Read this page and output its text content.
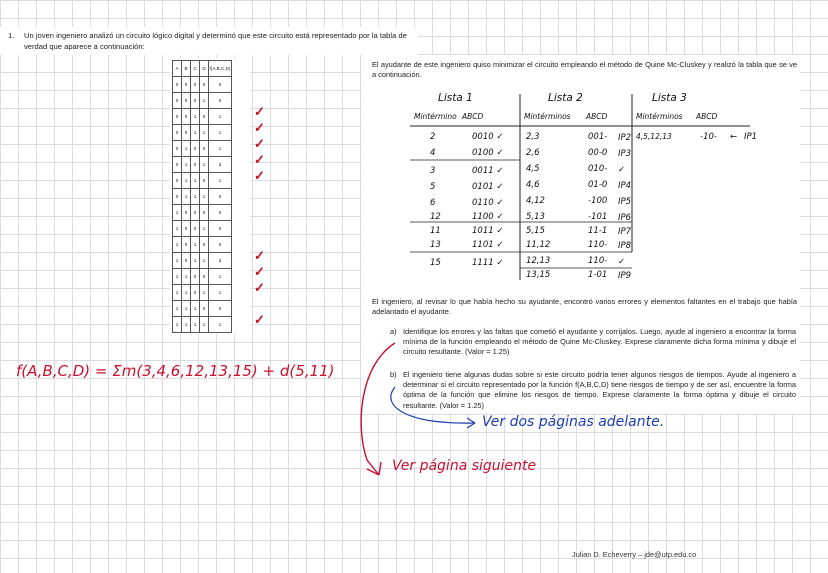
1. Un joven ingeniero analizó un circuito lógico digital y determinó que este circuito está representado por la tabla de verdad que aparece a continuación:
A	B	C	D	f(A,B,C,D)
0	0	0	0	0
0	0	0	1	0
0	0	1	0	1
0	0	1	1	1
0	1	0	0	1
0	1	0	1	d
0	1	1	0	1
0	1	1	1	0
1	0	0	0	0
1	0	0	1	0
1	0	1	0	0
1	0	1	1	d
1	1	0	0	1
1	1	0	1	1
1	1	1	0	0
1	1	1	1	1
✓
✓
✓
✓
✓
✓
✓
✓
✓
El ayudante de este ingeniero quiso minimizar el circuito empleando el método de Quine Mc-Cluskey y realizó la tabla que se ve a continuación.
Lista 1	Lista 2	Lista 3
Mintérmino ABCD	Mintérminos ABCD	Mintérminos ABCD
2	0010 ✓
4	0100 ✓
3	0011 ✓
5	0101 ✓
6	0110 ✓
12	1100 ✓
11	1011 ✓
13	1101 ✓
15	1111 ✓
2,3	001- IP2
2,6	00-0 IP3
4,5	010- ✓
4,6	01-0 IP4
4,12	-100 IP5
5,13	-101 IP6
5,15	11-1 IP7
11,12	110- IP8
12,13	110- ✓
13,15	1-01 IP9
4,5,12,13	-10- ← IP1
El ingeniero, al revisar lo que había hecho su ayudante, encontró varios errores y elementos faltantes en el trabajo que había adelantado el ayudante.
a) Identifique los errores y las faltas que cometió el ayudante y corríjalos. Luego, ayude al ingeniero a encontrar la forma mínima de la función empleando el método de Quine Mc-Cluskey. Exprese claramente dicha forma mínima y dibuje el circuito resultante. (Valor = 1.25)
b) El ingeniero tiene algunas dudas sobre si este circuito podría tener algunos riesgos de tiempos. Ayude al ingeniero a determinar si el circuito representado por la función f(A,B,C,D) tiene riesgos de tiempo y de ser así, encuentre la forma óptima de la función que elimine los riesgos de tiempo. Exprese claramente la forma óptima y dibuje el circuito resultante. (Valor = 1.25)
f(A,B,C,D) = Σm(3,4,6,12,13,15) + d(5,11)
Ver dos páginas adelante.
Ver página siguiente
Julian D. Echeverry – jde@utp.edu.co
